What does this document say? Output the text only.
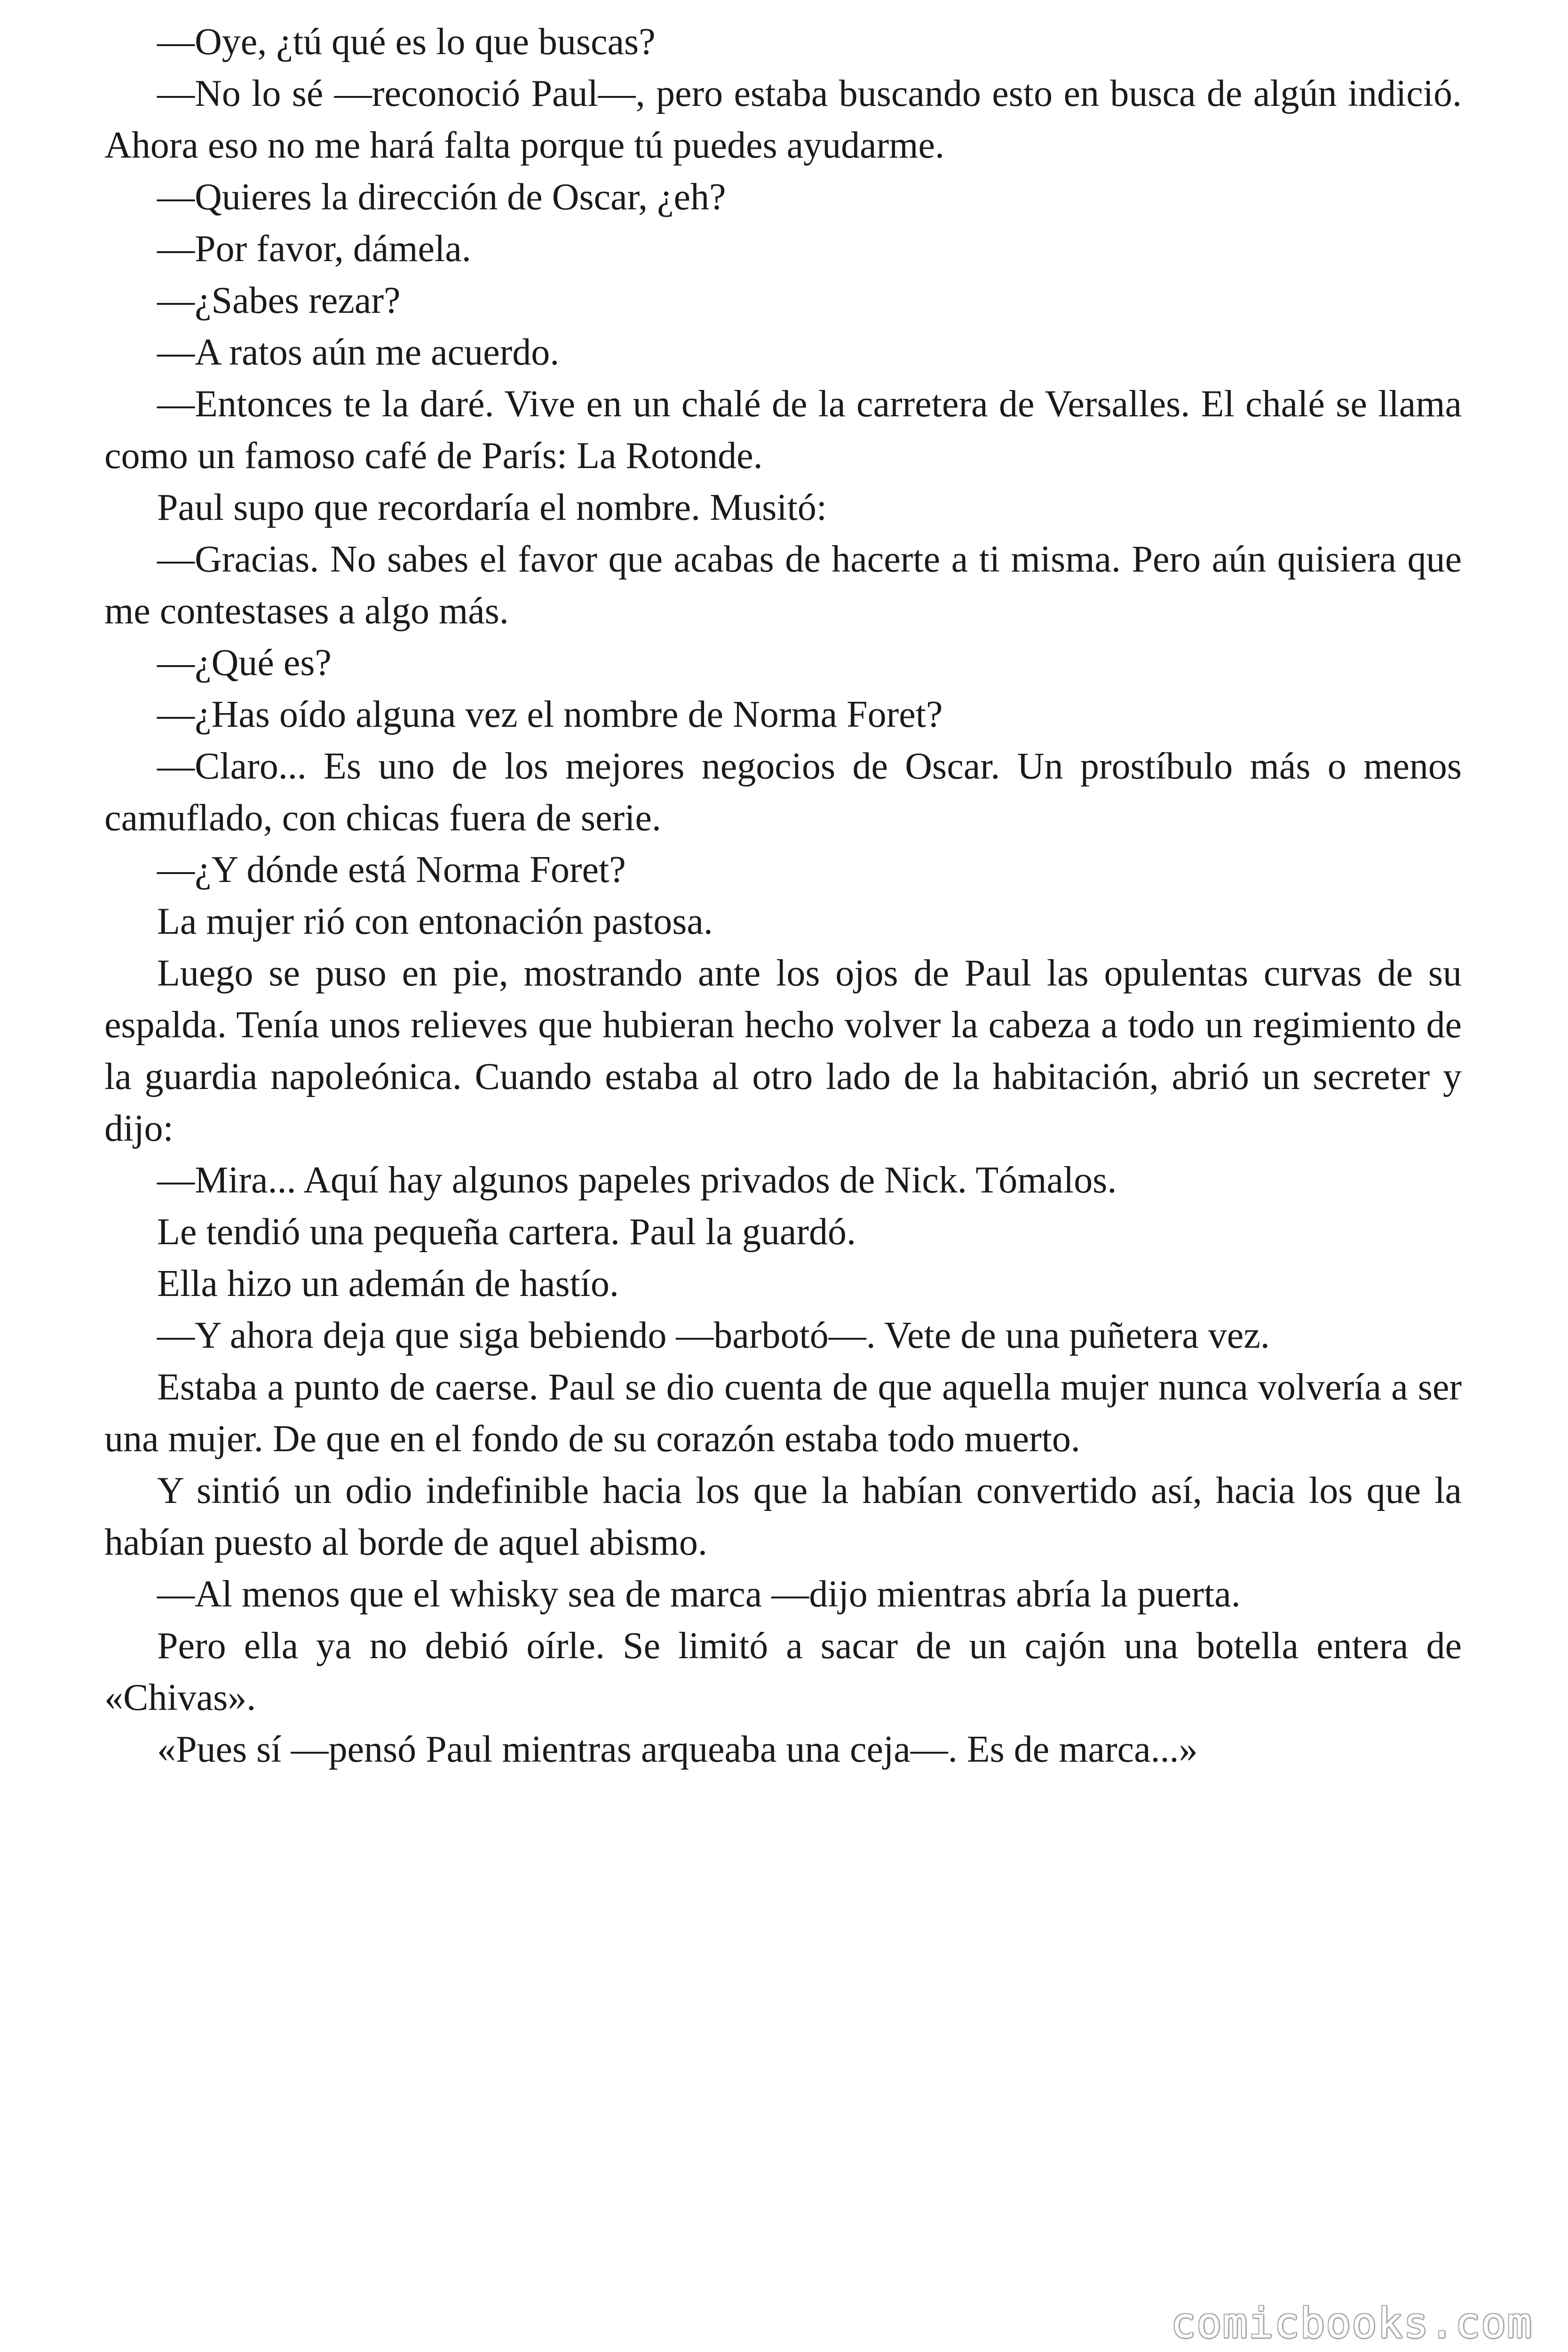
—Oye, ¿tú qué es lo que buscas?

—No lo sé —reconoció Paul—, pero estaba buscando esto en busca de algún indició. Ahora eso no me hará falta porque tú puedes ayudarme.

—Quieres la dirección de Oscar, ¿eh?

—Por favor, dámela.

—¿Sabes rezar?

—A ratos aún me acuerdo.

—Entonces te la daré. Vive en un chalé de la carretera de Versalles. El chalé se llama como un famoso café de París: La Rotonde.

Paul supo que recordaría el nombre. Musitó:

—Gracias. No sabes el favor que acabas de hacerte a ti misma. Pero aún quisiera que me contestases a algo más.

—¿Qué es?

—¿Has oído alguna vez el nombre de Norma Foret?

—Claro... Es uno de los mejores negocios de Oscar. Un prostíbulo más o menos camuflado, con chicas fuera de serie.

—¿Y dónde está Norma Foret?

La mujer rió con entonación pastosa.

Luego se puso en pie, mostrando ante los ojos de Paul las opulentas curvas de su espalda. Tenía unos relieves que hubieran hecho volver la cabeza a todo un regimiento de la guardia napoleónica. Cuando estaba al otro lado de la habitación, abrió un secreter y dijo:

—Mira... Aquí hay algunos papeles privados de Nick. Tómalos.

Le tendió una pequeña cartera. Paul la guardó.

Ella hizo un ademán de hastío.

—Y ahora deja que siga bebiendo —barbotó—. Vete de una puñetera vez.

Estaba a punto de caerse. Paul se dio cuenta de que aquella mujer nunca volvería a ser una mujer. De que en el fondo de su corazón estaba todo muerto.

Y sintió un odio indefinible hacia los que la habían convertido así, hacia los que la habían puesto al borde de aquel abismo.

—Al menos que el whisky sea de marca —dijo mientras abría la puerta.

Pero ella ya no debió oírle. Se limitó a sacar de un cajón una botella entera de «Chivas».

«Pues sí —pensó Paul mientras arqueaba una ceja—. Es de marca...»

comicbooks.com
